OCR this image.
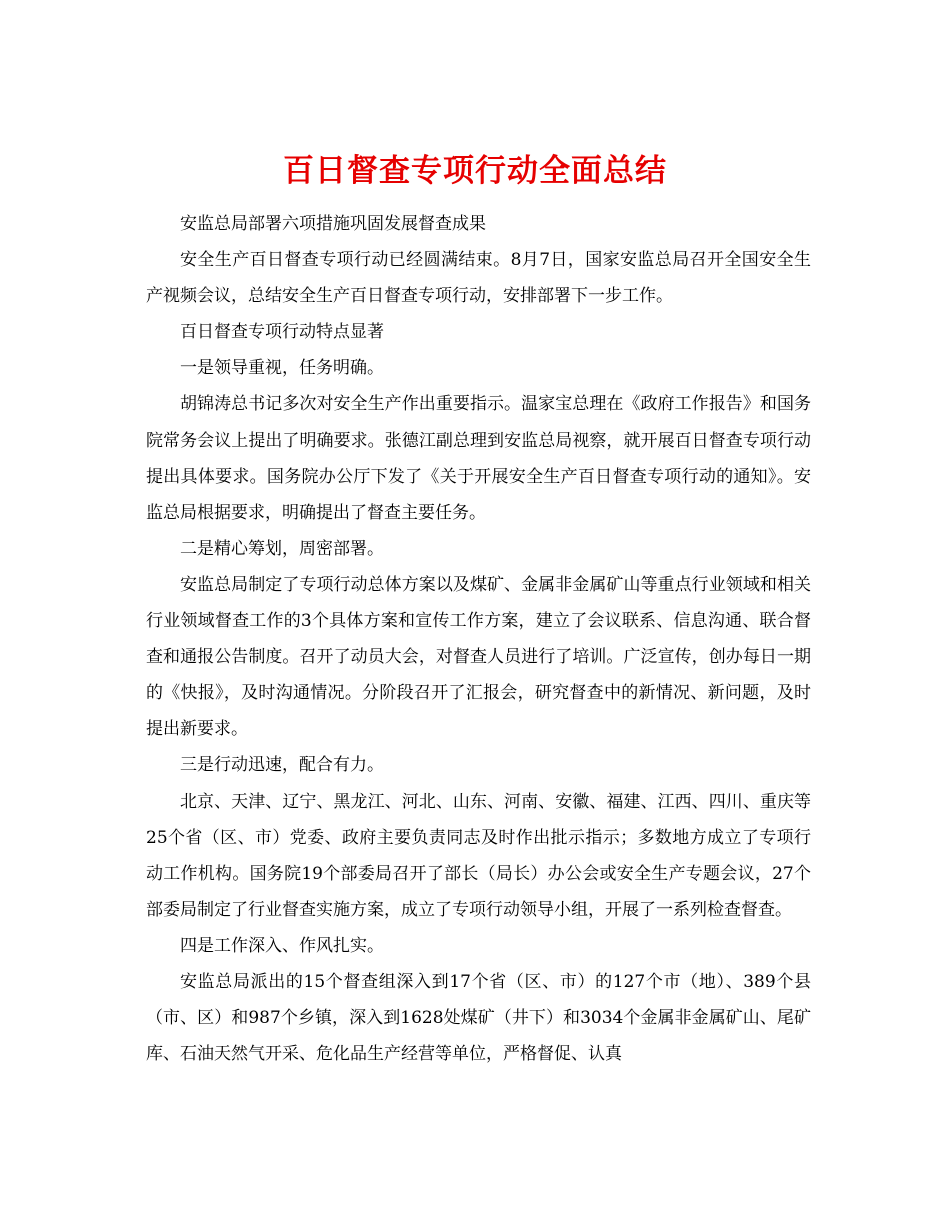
百日督查专项行动全面总结

安监总局部署六项措施巩固发展督查成果

安全生产百日督查专项行动已经圆满结束。8月7日，国家安监总局召开全国安全生产视频会议，总结安全生产百日督查专项行动，安排部署下一步工作。

百日督查专项行动特点显著

一是领导重视，任务明确。

胡锦涛总书记多次对安全生产作出重要指示。温家宝总理在《政府工作报告》和国务院常务会议上提出了明确要求。张德江副总理到安监总局视察，就开展百日督查专项行动提出具体要求。国务院办公厅下发了《关于开展安全生产百日督查专项行动的通知》。安监总局根据要求，明确提出了督查主要任务。

二是精心筹划，周密部署。

安监总局制定了专项行动总体方案以及煤矿、金属非金属矿山等重点行业领域和相关行业领域督查工作的3个具体方案和宣传工作方案，建立了会议联系、信息沟通、联合督查和通报公告制度。召开了动员大会，对督查人员进行了培训。广泛宣传，创办每日一期的《快报》，及时沟通情况。分阶段召开了汇报会，研究督查中的新情况、新问题，及时提出新要求。

三是行动迅速，配合有力。

北京、天津、辽宁、黑龙江、河北、山东、河南、安徽、福建、江西、四川、重庆等25个省（区、市）党委、政府主要负责同志及时作出批示指示；多数地方成立了专项行动工作机构。国务院19个部委局召开了部长（局长）办公会或安全生产专题会议，27个部委局制定了行业督查实施方案，成立了专项行动领导小组，开展了一系列检查督查。

四是工作深入、作风扎实。

安监总局派出的15个督查组深入到17个省（区、市）的127个市（地）、389个县（市、区）和987个乡镇，深入到1628处煤矿（井下）和3034个金属非金属矿山、尾矿库、石油天然气开采、危化品生产经营等单位，严格督促、认真
